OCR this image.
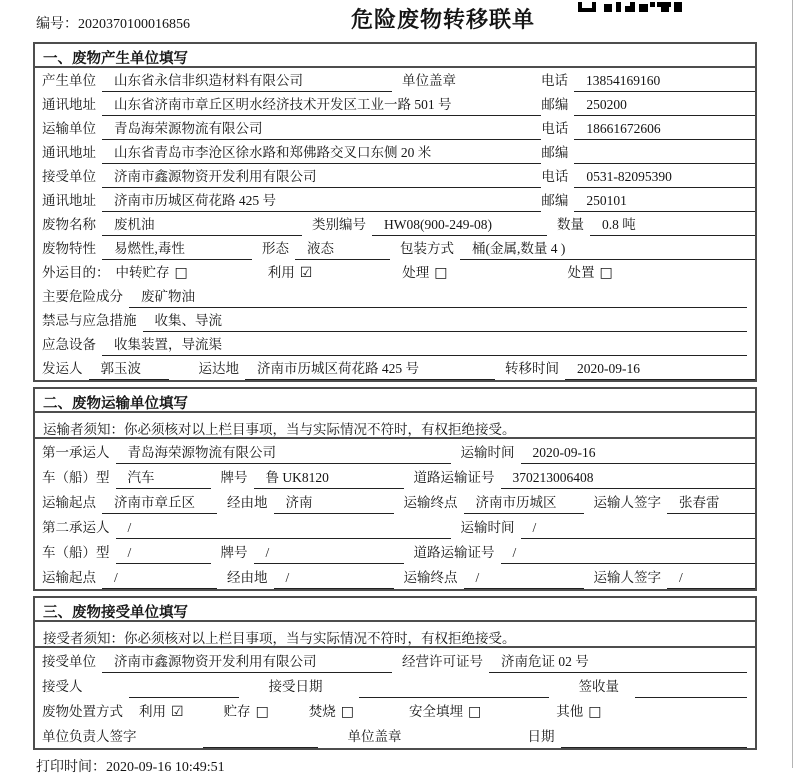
编号：2020370100016856	危险废物转移联单
一、废物产生单位填写
产生单位	山东省永信非织造材料有限公司	单位盖章	电话	13854169160
通讯地址	山东省济南市章丘区明水经济技术开发区工业一路 501 号	邮编	250200
运输单位	青岛海荣源物流有限公司	电话	18661672606
通讯地址	山东省青岛市李沧区徐水路和郑佛路交叉口东侧 20 米	邮编
接受单位	济南市鑫源物资开发利用有限公司	电话	0531-82095390
通讯地址	济南市历城区荷花路 425 号	邮编	250101
废物名称	废机油	类别编号	HW08(900-249-08)	数量	0.8 吨
废物特性	易燃性,毒性	形态	液态	包装方式	桶(金属,数量 4 )
外运目的： 中转贮存 □	利用 ☑	处理 □	处置 □
主要危险成分	废矿物油
禁忌与应急措施	收集、导流
应急设备	收集装置，导流渠
发运人	郭玉波	运达地	济南市历城区荷花路 425 号	转移时间	2020-09-16
二、废物运输单位填写
运输者须知：你必须核对以上栏目事项，当与实际情况不符时，有权拒绝接受。
第一承运人	青岛海荣源物流有限公司	运输时间	2020-09-16
车（船）型	汽车	牌号	鲁 UK8120	道路运输证号	370213006408
运输起点	济南市章丘区	经由地	济南	运输终点	济南市历城区	运输人签字	张春雷
第二承运人	/	运输时间	/
车（船）型	/	牌号	/	道路运输证号	/
运输起点	/	经由地	/	运输终点	/	运输人签字	/
三、废物接受单位填写
接受者须知：你必须核对以上栏目事项，当与实际情况不符时，有权拒绝接受。
接受单位	济南市鑫源物资开发利用有限公司	经营许可证号	济南危证 02 号
接受人	接受日期	签收量
废物处置方式	利用 ☑	贮存 □	焚烧 □	安全填埋 □	其他 □
单位负责人签字	单位盖章	日期
打印时间：2020-09-16 10:49:51
